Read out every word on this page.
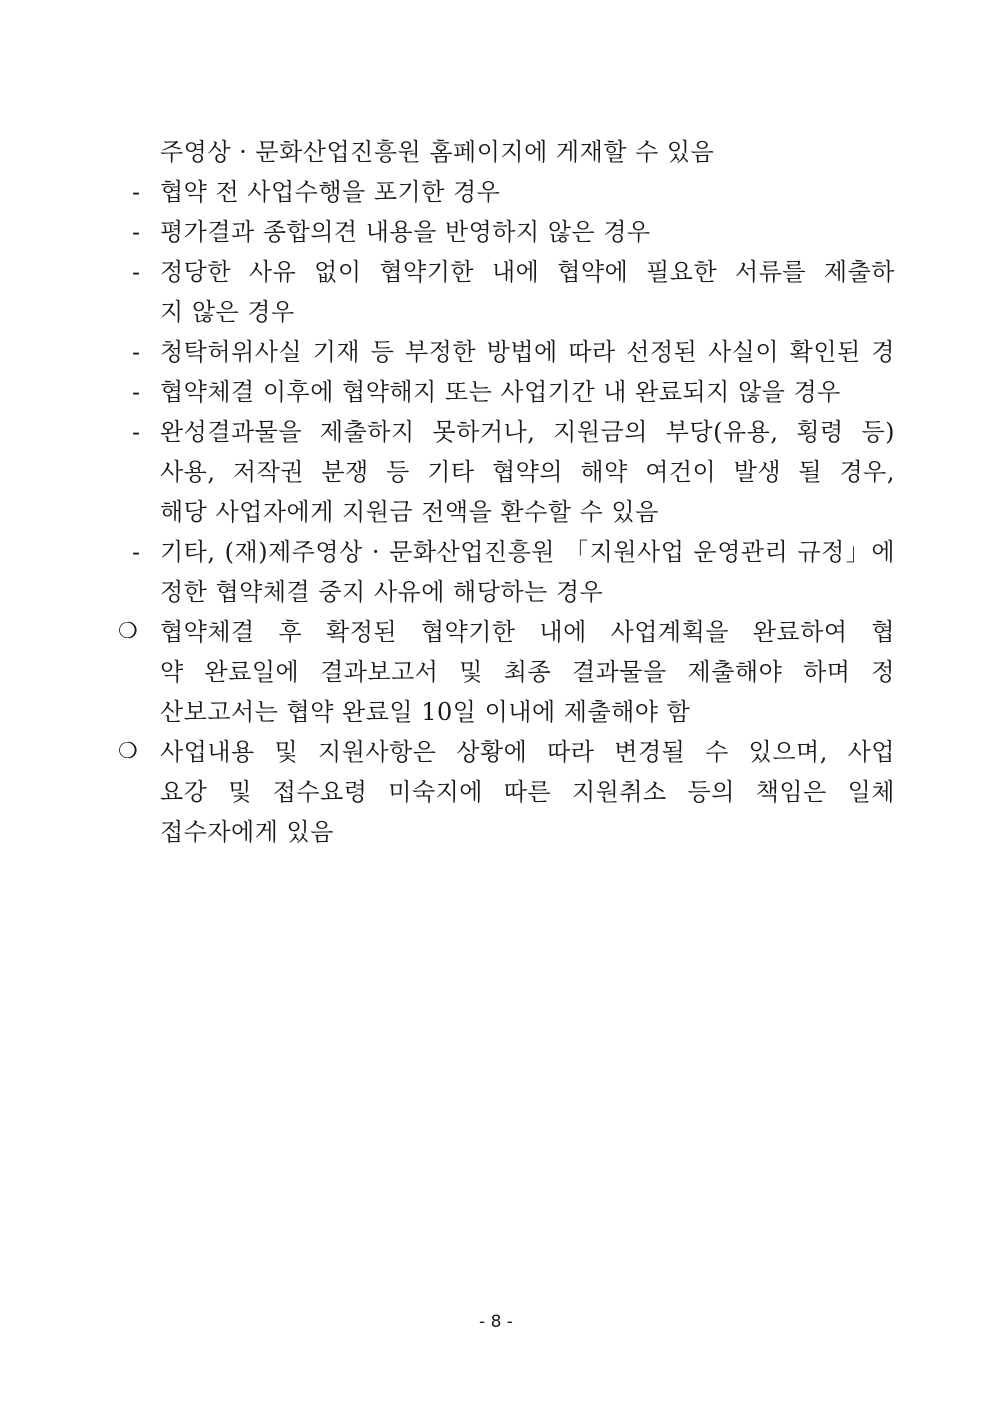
주영상 · 문화산업진흥원 홈페이지에 게재할 수 있음
- 협약 전 사업수행을 포기한 경우
- 평가결과 종합의견 내용을 반영하지 않은 경우
- 정당한 사유 없이 협약기한 내에 협약에 필요한 서류를 제출하
지 않은 경우
- 청탁허위사실 기재 등 부정한 방법에 따라 선정된 사실이 확인된 경
- 협약체결 이후에 협약해지 또는 사업기간 내 완료되지 않을 경우
- 완성결과물을 제출하지 못하거나, 지원금의 부당(유용, 횡령 등)
사용, 저작권 분쟁 등 기타 협약의 해약 여건이 발생 될 경우,
해당 사업자에게 지원금 전액을 환수할 수 있음
- 기타, (재)제주영상 · 문화산업진흥원 「지원사업 운영관리 규정」에
정한 협약체결 중지 사유에 해당하는 경우
❍ 협약체결 후 확정된 협약기한 내에 사업계획을 완료하여 협
약 완료일에 결과보고서 및 최종 결과물을 제출해야 하며 정
산보고서는 협약 완료일 10일 이내에 제출해야 함
❍ 사업내용 및 지원사항은 상황에 따라 변경될 수 있으며, 사업
요강 및 접수요령 미숙지에 따른 지원취소 등의 책임은 일체
접수자에게 있음
- 8 -
